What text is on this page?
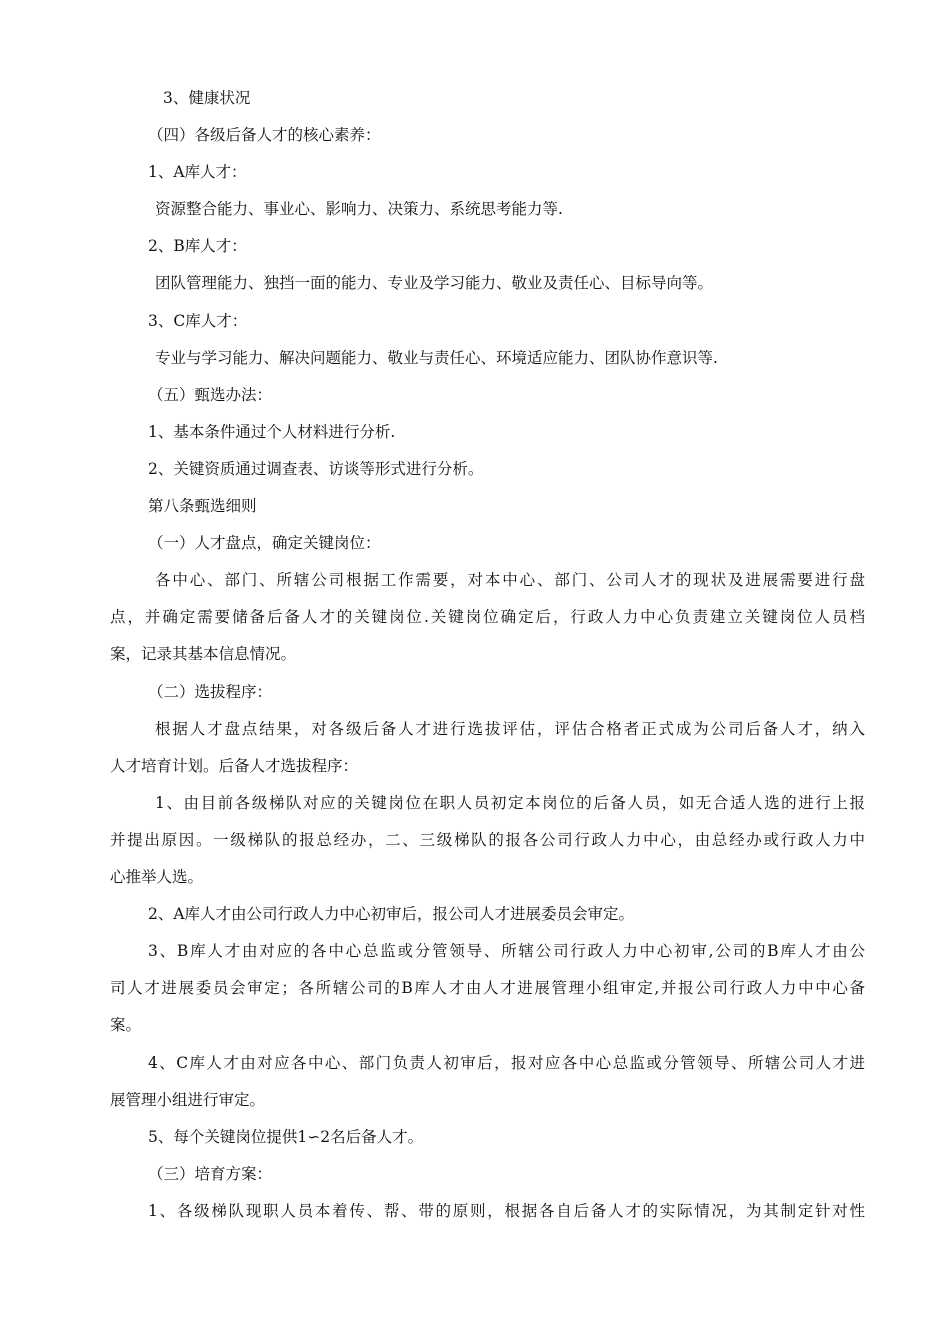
3、健康状况
（四）各级后备人才的核心素养：
1、A库人才：
资源整合能力、事业心、影响力、决策力、系统思考能力等.
2、B库人才：
团队管理能力、独挡一面的能力、专业及学习能力、敬业及责任心、目标导向等。
3、C库人才：
专业与学习能力、解决问题能力、敬业与责任心、环境适应能力、团队协作意识等.
（五）甄选办法：
1、基本条件通过个人材料进行分析.
2、关键资质通过调查表、访谈等形式进行分析。
第八条甄选细则
（一）人才盘点，确定关键岗位：
各中心、部门、所辖公司根据工作需要，对本中心、部门、公司人才的现状及进展需要进行盘
点，并确定需要储备后备人才的关键岗位.关键岗位确定后，行政人力中心负责建立关键岗位人员档
案，记录其基本信息情况。
（二）选拔程序：
根据人才盘点结果，对各级后备人才进行选拔评估，评估合格者正式成为公司后备人才，纳入
人才培育计划。后备人才选拔程序：
1、由目前各级梯队对应的关键岗位在职人员初定本岗位的后备人员，如无合适人选的进行上报
并提出原因。一级梯队的报总经办，二、三级梯队的报各公司行政人力中心，由总经办或行政人力中
心推举人选。
2、A库人才由公司行政人力中心初审后，报公司人才进展委员会审定。
3、B库人才由对应的各中心总监或分管领导、所辖公司行政人力中心初审,公司的B库人才由公
司人才进展委员会审定；各所辖公司的B库人才由人才进展管理小组审定,并报公司行政人力中中心备
案。
4、C库人才由对应各中心、部门负责人初审后，报对应各中心总监或分管领导、所辖公司人才进
展管理小组进行审定。
5、每个关键岗位提供1∽2名后备人才。
（三）培育方案：
1、各级梯队现职人员本着传、帮、带的原则，根据各自后备人才的实际情况，为其制定针对性
